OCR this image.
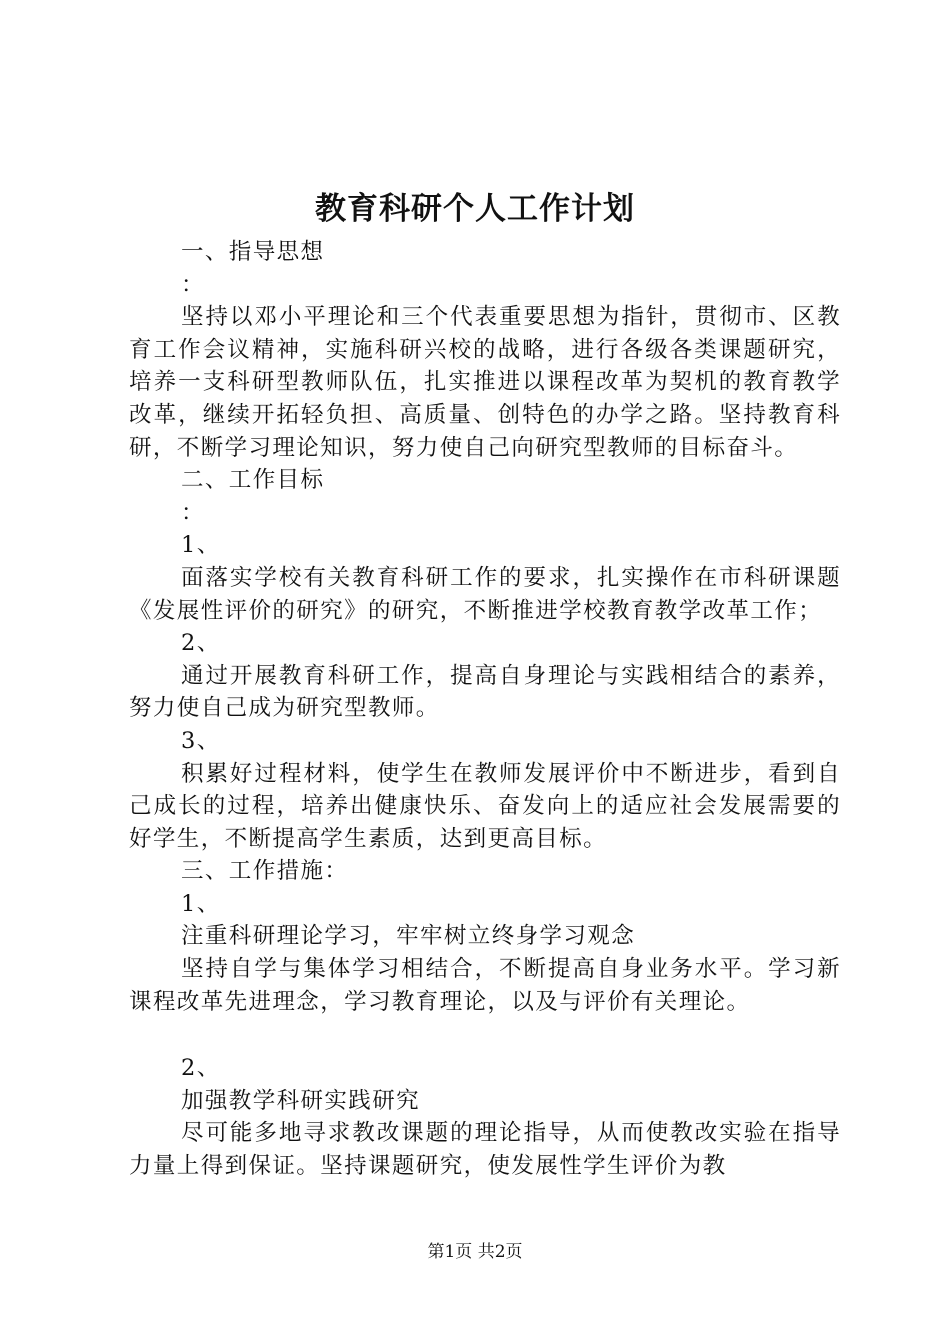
教育科研个人工作计划

一、指导思想

：

坚持以邓小平理论和三个代表重要思想为指针，贯彻市、区教育工作会议精神，实施科研兴校的战略，进行各级各类课题研究，培养一支科研型教师队伍，扎实推进以课程改革为契机的教育教学改革，继续开拓轻负担、高质量、创特色的办学之路。坚持教育科研，不断学习理论知识，努力使自己向研究型教师的目标奋斗。

二、工作目标

：

1、

面落实学校有关教育科研工作的要求，扎实操作在市科研课题《发展性评价的研究》的研究，不断推进学校教育教学改革工作；

2、

通过开展教育科研工作，提高自身理论与实践相结合的素养，努力使自己成为研究型教师。

3、

积累好过程材料，使学生在教师发展评价中不断进步，看到自己成长的过程，培养出健康快乐、奋发向上的适应社会发展需要的好学生，不断提高学生素质，达到更高目标。

三、工作措施：

1、

注重科研理论学习，牢牢树立终身学习观念

坚持自学与集体学习相结合，不断提高自身业务水平。学习新课程改革先进理念，学习教育理论，以及与评价有关理论。

2、

加强教学科研实践研究

尽可能多地寻求教改课题的理论指导，从而使教改实验在指导力量上得到保证。坚持课题研究，使发展性学生评价为教

第1页 共2页
